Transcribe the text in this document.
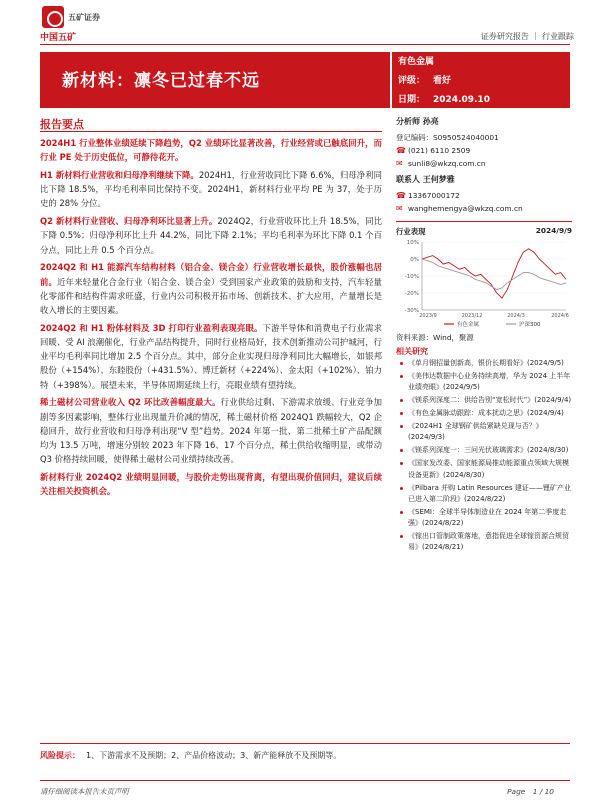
中国五矿
五矿证券
证券研究报告 ｜ 行业跟踪
新材料：凛冬已过春不远
有色金属
评级： 看好
日期： 2024.09.10
报告要点

2024H1 行业整体业绩延续下降趋势，Q2 业绩环比显著改善，行业经营或已触底回升，而行业 PE 处于历史低位，可静待花开。

H1 新材料行业营收和归母净利继续下降。2024H1，行业营收同比下降 6.6%，归母净利同比下降 18.5%，平均毛利率同比保持不变。2024H1，新材料行业平均 PE 为 37，处于历史的 28% 分位。

Q2 新材料行业营收、归母净利环比显著上升。2024Q2，行业营收环比上升 18.5%，同比下降 0.5%；归母净利环比上升 44.2%，同比下降 2.1%；平均毛利率为环比下降 0.1 个百分点，同比上升 0.5 个百分点。

2024Q2 和 H1 能源汽车结构材料（铝合金、镁合金）行业营收增长最快，股价涨幅也居前。近年来轻量化合金行业（铝合金、镁合金）受到国家产业政策的鼓励和支持，汽车轻量化零部件和结构件需求旺盛，行业内公司积极开拓市场、创新技术、扩大应用，产量增长是收入增长的主要因素。

2024Q2 和 H1 粉体材料及 3D 打印行业盈利表现亮眼。下游半导体和消费电子行业需求回暖、受 AI 浪潮催化，行业产品结构提升，同时行业格局好，技术创新推动公司护城河，行业平均毛利率同比增加 2.5 个百分点。其中，部分企业实现归母净利同比大幅增长，如银邦股份（+154%）、东睦股份（+431.5%）、博迁新材（+224%）、金太阳（+102%）、铂力特（+398%）。展望未来，半导体周期延续上行，亮眼业绩有望持续。

稀土磁材公司营业收入 Q2 环比改善幅度最大。行业供给过剩、下游需求放缓、行业竞争加剧等多因素影响，整体行业出现量升价减的情况，稀土磁材价格 2024Q1 跌幅较大，Q2 企稳回升，故行业营收和归母净利出现“V 型”趋势。2024 年第一批、第二批稀土矿产品配额均为 13.5 万吨，增速分别较 2023 年下降 16、17 个百分点，稀土供给收缩明显，或带动 Q3 价格持续回暖，使得稀土磁材公司业绩持续改善。

新材料行业 2024Q2 业绩明显回暖，与股价走势出现背离，有望出现价值回归，建议后续关注相关投资机会。

分析师 孙亮
登记编码：S0950524040001
☎ (021) 6110 2509
✉ sunli8@wkzq.com.cn
联系人 王何梦雅
☎ 13367000172
✉ wanghemengya@wkzq.com.cn
行业表现	2024/9/9
10%
0%
-10%
-20%
-30%
2023/9	2023/12	2024/3	2024/6
有色金属	沪深300
资料来源：Wind，聚源
相关研究
《单月钢招量创新高，银价长期看好》(2024/9/5)
《美伟达数据中心业务持续高增，华为 2024 上半年业绩亮眼》(2024/9/5)
《镁系列深度二：供给告别“宽松时代”》(2024/9/4)
《有色金属脉动跟踪：成本扰动之思》(2024/9/4)
《2024H1 全球钢矿供给紧缺兑现与否？》(2024/9/3)
《镁系列深度一：三问光伏玻璃需求》(2024/8/30)
《国家发改委、国家能源局推动能源重点领域大规模设备更新》(2024/8/30)
《Pilbara 并购 Latin Resources 建证——锂矿产业已进入第二阶段》(2024/8/22)
《SEMI：全球半导体制造业在 2024 年第二季度走强》(2024/8/22)
《镓出口管制政策落地，意指促进全球镓资源合规贸易》(2024/8/21)
风险提示： 1、下游需求不及预期；2、产品价格波动；3、新产能释放不及预期等。
请仔细阅读本报告末页声明	Page　1 / 10
